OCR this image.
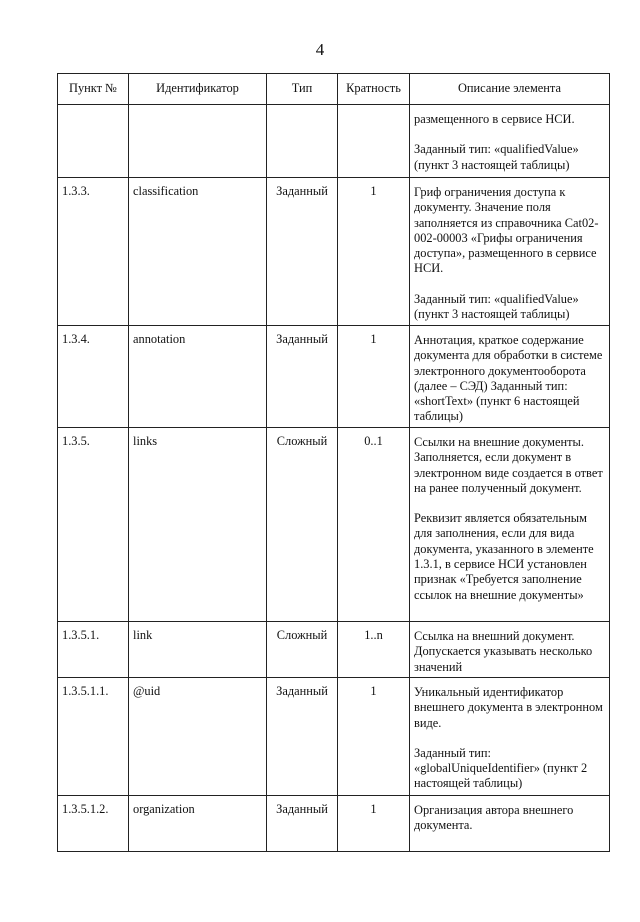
4
Пункт №	Идентификатор	Тип	Кратность	Описание элемента

				размещенного в сервисе НСИ.

Заданный тип: «qualifiedValue» (пункт 3 настоящей таблицы)

1.3.3.	classification	Заданный	1	Гриф ограничения доступа к документу. Значение поля заполняется из справочника Cat02-002-00003 «Грифы ограничения доступа», размещенного в сервисе НСИ.

Заданный тип: «qualifiedValue» (пункт 3 настоящей таблицы)

1.3.4.	annotation	Заданный	1	Аннотация, краткое содержание документа для обработки в системе электронного документооборота (далее – СЭД) Заданный тип: «shortText» (пункт 6 настоящей таблицы)

1.3.5.	links	Сложный	0..1	Ссылки на внешние документы. Заполняется, если документ в электронном виде создается в ответ на ранее полученный документ.

Реквизит является обязательным для заполнения, если для вида документа, указанного в элементе 1.3.1, в сервисе НСИ установлен признак «Требуется заполнение ссылок на внешние документы»

1.3.5.1.	link	Сложный	1..n	Ссылка на внешний документ. Допускается указывать несколько значений

1.3.5.1.1.	@uid	Заданный	1	Уникальный идентификатор внешнего документа в электронном виде.

Заданный тип: «globalUniqueIdentifier» (пункт 2 настоящей таблицы)

1.3.5.1.2.	organization	Заданный	1	Организация автора внешнего документа.
